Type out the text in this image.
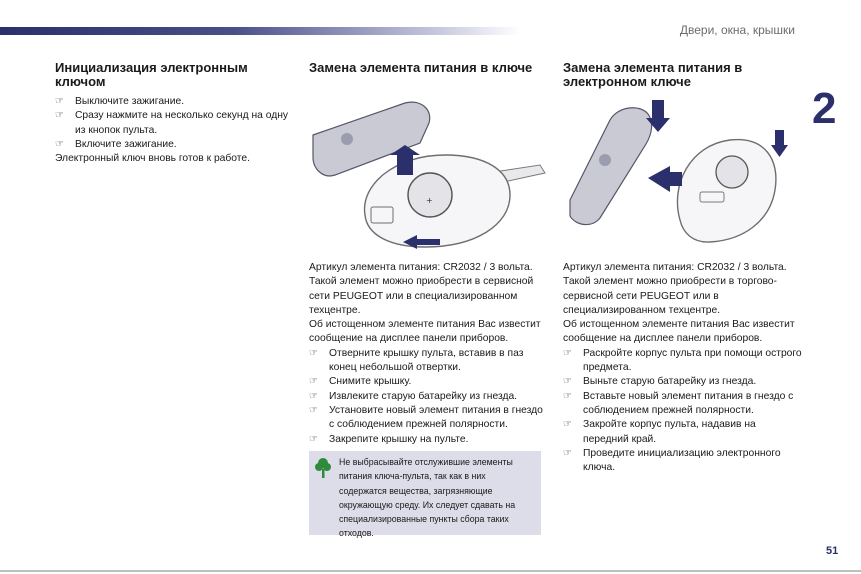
Двери, окна, крышки
2
Инициализация электронным ключом
☞ Выключите зажигание.
☞ Сразу нажмите на несколько секунд на одну из кнопок пульта.
☞ Включите зажигание.

Электронный ключ вновь готов к работе.

Замена элемента питания в ключе
+

Артикул элемента питания: CR2032 / 3 вольта.

Такой элемент можно приобрести в сервисной сети PEUGEOT или в специализированном техцентре.

Об истощенном элементе питания Вас известит сообщение на дисплее панели приборов.

☞ Отверните крышку пульта, вставив в паз конец небольшой отвертки.
☞ Снимите крышку.
☞ Извлеките старую батарейку из гнезда.
☞ Установите новый элемент питания в гнездо с соблюдением прежней полярности.
☞ Закрепите крышку на пульте.
Не выбрасывайте отслужившие элементы питания ключа-пульта, так как в них содержатся вещества, загрязняющие окружающую среду. Их следует сдавать на специализированные пункты сбора таких отходов.
Замена элемента питания в электронном ключе

Артикул элемента питания: CR2032 / 3 вольта.

Такой элемент можно приобрести в торгово-сервисной сети PEUGEOT или в специализированном техцентре.

Об истощенном элементе питания Вас известит сообщение на дисплее панели приборов.

☞ Раскройте корпус пульта при помощи острого предмета.
☞ Выньте старую батарейку из гнезда.
☞ Вставьте новый элемент питания в гнездо с соблюдением прежней полярности.
☞ Закройте корпус пульта, надавив на передний край.
☞ Проведите инициализацию электронного ключа.
51
